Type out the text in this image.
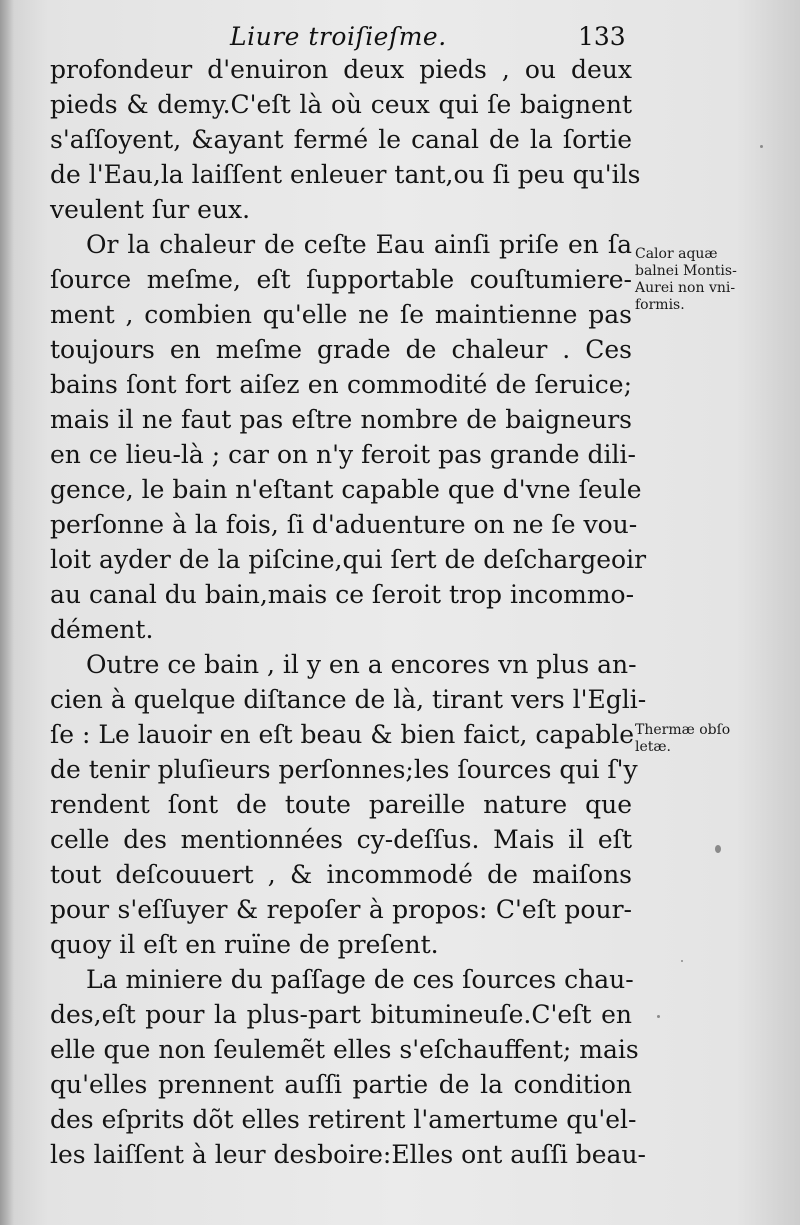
Liure troiſieſme.	133
profondeur d'enuiron deux pieds , ou deux
pieds & demy.C'eſt là où ceux qui ſe baignent
s'aſſoyent, &ayant fermé le canal de la ſortie
de l'Eau,la laiſſent enleuer tant,ou ſi peu qu'ils
veulent ſur eux.
Or la chaleur de ceſte Eau ainſi priſe en ſa
ſource meſme, eſt ſupportable couſtumiere-
ment , combien qu'elle ne ſe maintienne pas
toujours en meſme grade de chaleur . Ces
bains ſont fort aiſez en commodité de ſeruice;
mais il ne faut pas eſtre nombre de baigneurs
en ce lieu-là ; car on n'y feroit pas grande dili-
gence, le bain n'eſtant capable que d'vne ſeule
perſonne à la fois, ſi d'aduenture on ne ſe vou-
loit ayder de la piſcine,qui ſert de deſchargeoir
au canal du bain,mais ce ſeroit trop incommo-
dément.
Outre ce bain , il y en a encores vn plus an-
cien à quelque diſtance de là, tirant vers l'Egli-
ſe : Le lauoir en eſt beau & bien faict, capable
de tenir pluſieurs perſonnes;les ſources qui ſ'y
rendent ſont de toute pareille nature que
celle des mentionnées cy-deſſus. Mais il eſt
tout deſcouuert , & incommodé de maiſons
pour s'eſſuyer & repoſer à propos: C'eſt pour-
quoy il eſt en ruïne de preſent.
La miniere du paſſage de ces ſources chau-
des,eſt pour la plus-part bitumineuſe.C'eſt en
elle que non ſeulemẽt elles s'eſchauffent; mais
qu'elles prennent auſſi partie de la condition
des eſprits dõt elles retirent l'amertume qu'el-
les laiſſent à leur desboire:Elles ont auſſi beau-
Calor aquæ
balnei Montis-
Aurei non vni-
formis.
Thermæ obſo
letæ.
